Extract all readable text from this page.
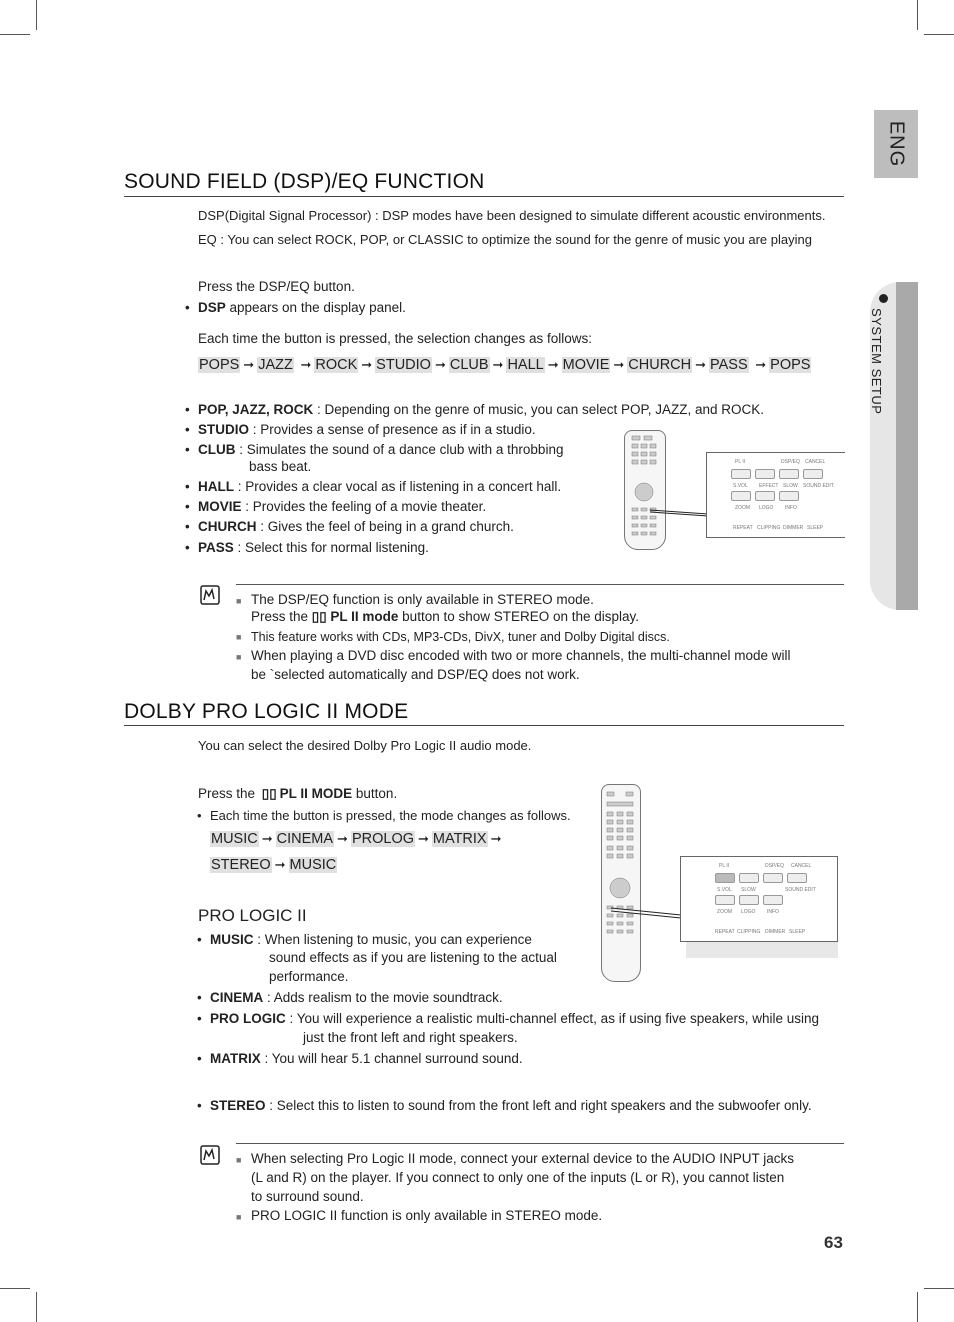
ENG
SYSTEM SETUP
SOUND FIELD (DSP)/EQ FUNCTION
DSP(Digital Signal Processor) : DSP modes have been designed to simulate different acoustic environments.
EQ : You can select ROCK, POP, or CLASSIC to optimize the sound for the genre of music you are playing
Press the DSP/EQ button.
• DSP appears on the display panel.
Each time the button is pressed, the selection changes as follows:
POPS ➞ JAZZ ➞ ROCK ➞ STUDIO ➞ CLUB ➞ HALL ➞ MOVIE ➞ CHURCH ➞ PASS ➞ POPS
• POP, JAZZ, ROCK : Depending on the genre of music, you can select POP, JAZZ, and ROCK.
• STUDIO : Provides a sense of presence as if in a studio.
• CLUB : Simulates the sound of a dance club with a throbbing
bass beat.
• HALL : Provides a clear vocal as if listening in a concert hall.
• MOVIE : Provides the feeling of a movie theater.
• CHURCH : Gives the feel of being in a grand church.
• PASS : Select this for normal listening.
PL II	DSP/EQ CANCEL
S.VOL EFFECT SLOW SOUND EDIT
ZOOM LOGO INFO
REPEAT CLIPPING DIMMER SLEEP
■ The DSP/EQ function is only available in STEREO mode.
Press the ▯▯ PL II mode button to show STEREO on the display.
■ This feature works with CDs, MP3-CDs, DivX, tuner and Dolby Digital discs.
■ When playing a DVD disc encoded with two or more channels, the multi-channel mode will
be `selected automatically and DSP/EQ does not work.
DOLBY PRO LOGIC II MODE
You can select the desired Dolby Pro Logic II audio mode.
Press the ▯▯ PL II MODE button.
• Each time the button is pressed, the mode changes as follows.
MUSIC ➞ CINEMA ➞ PROLOG ➞ MATRIX ➞
STEREO ➞ MUSIC
PRO LOGIC II
• MUSIC : When listening to music, you can experience
sound effects as if you are listening to the actual
performance.
• CINEMA : Adds realism to the movie soundtrack.
• PRO LOGIC : You will experience a realistic multi-channel effect, as if using five speakers, while using
just the front left and right speakers.
• MATRIX : You will hear 5.1 channel surround sound.
• STEREO : Select this to listen to sound from the front left and right speakers and the subwoofer only.
PL II	DSP/EQ CANCEL
S.VOL SLOW	SOUND EDIT
ZOOM LOGO INFO
REPEAT CLIPPING DIMMER SLEEP
■ When selecting Pro Logic II mode, connect your external device to the AUDIO INPUT jacks
(L and R) on the player. If you connect to only one of the inputs (L or R), you cannot listen
to surround sound.
■ PRO LOGIC II function is only available in STEREO mode.
63
